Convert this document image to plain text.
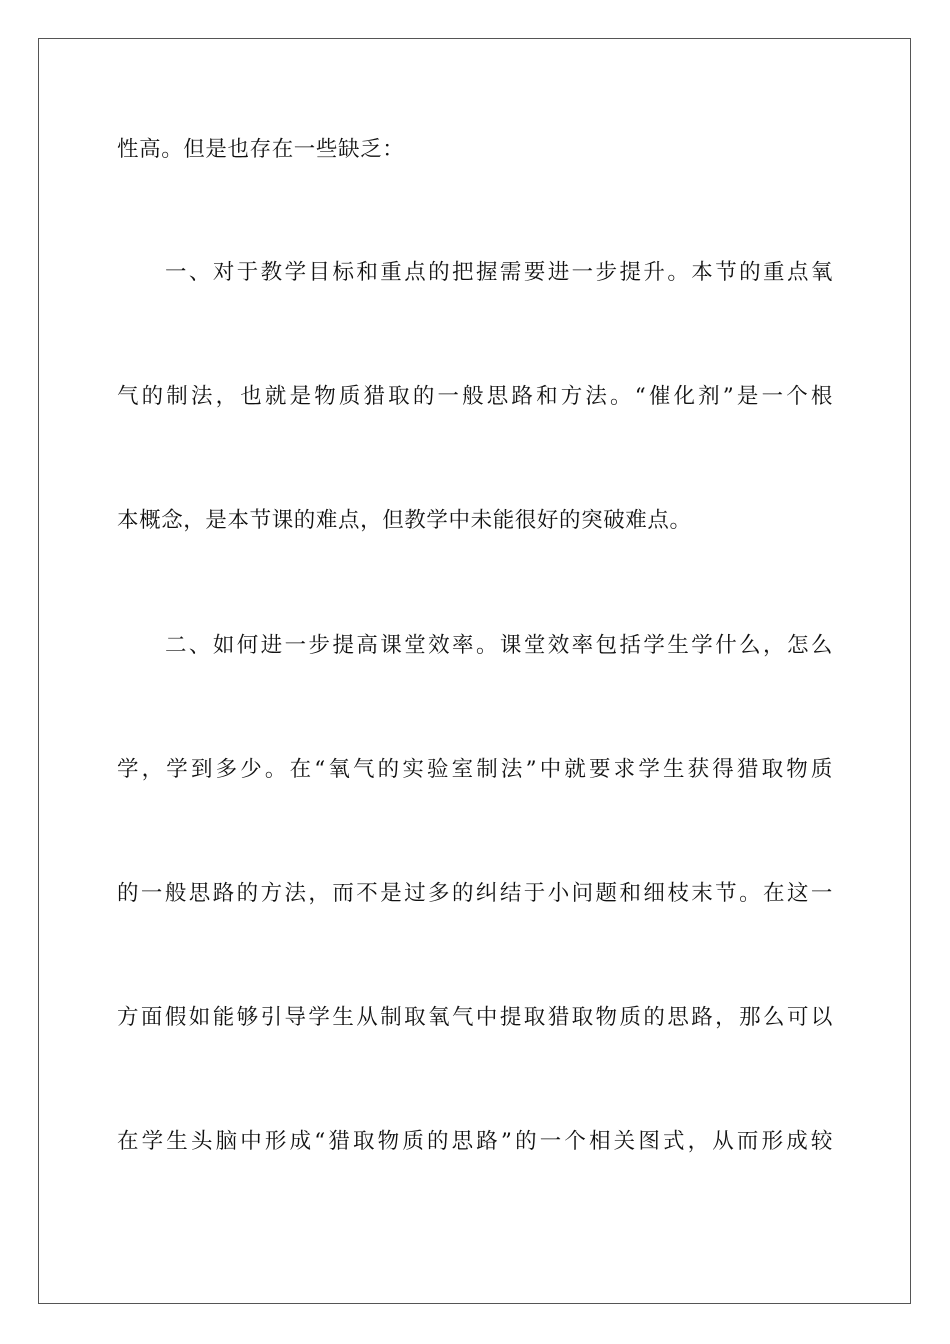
性高。但是也存在一些缺乏：
一、对于教学目标和重点的把握需要进一步提升。本节的重点氧
气的制法，也就是物质猎取的一般思路和方法。“催化剂”是一个根
本概念，是本节课的难点，但教学中未能很好的突破难点。
二、如何进一步提高课堂效率。课堂效率包括学生学什么，怎么
学，学到多少。在“氧气的实验室制法”中就要求学生获得猎取物质
的一般思路的方法，而不是过多的纠结于小问题和细枝末节。在这一
方面假如能够引导学生从制取氧气中提取猎取物质的思路，那么可以
在学生头脑中形成“猎取物质的思路”的一个相关图式，从而形成较
